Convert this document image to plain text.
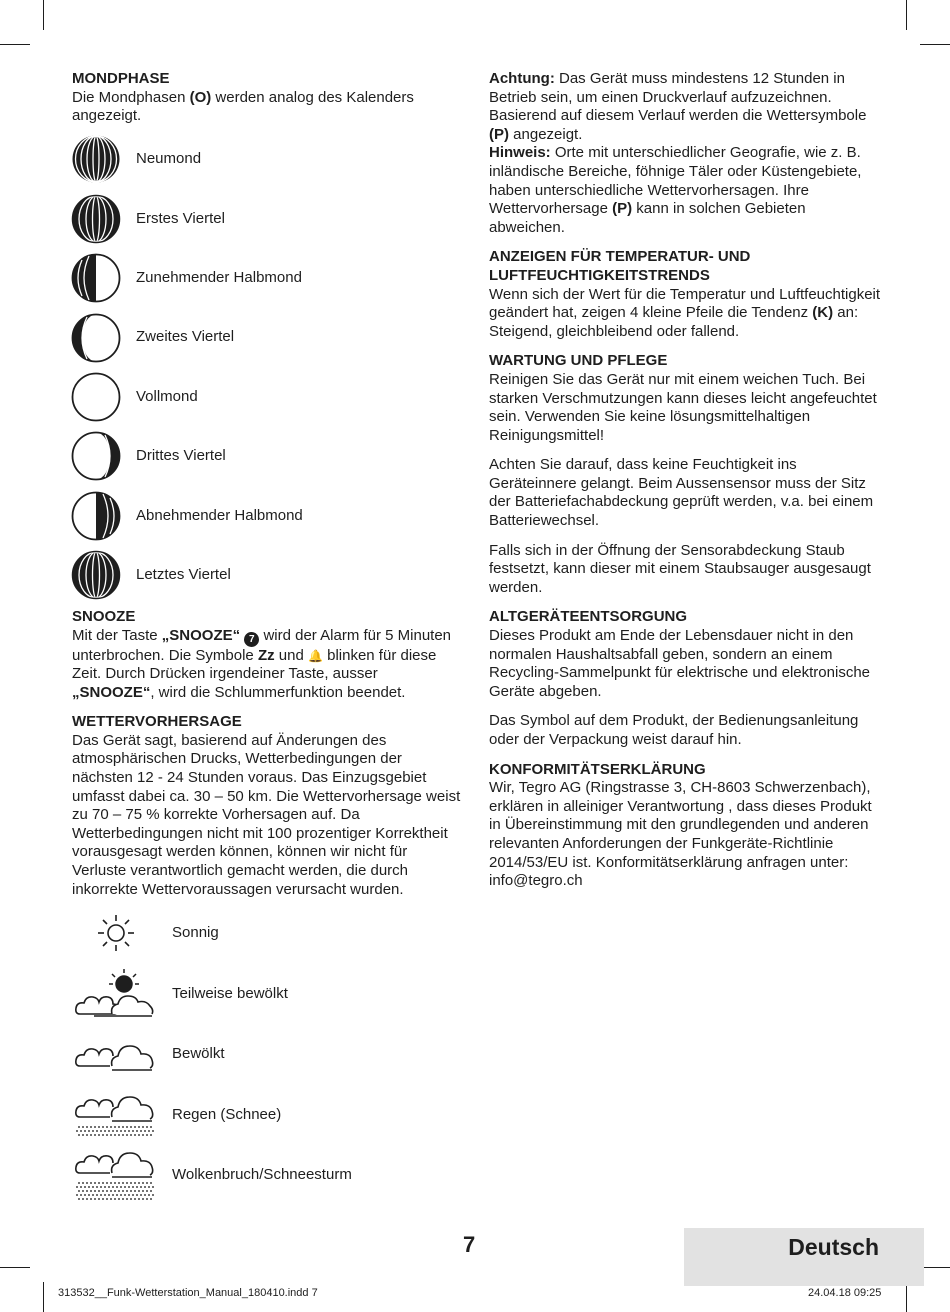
MONDPHASE

Die Mondphasen (O) werden analog des Kalenders angezeigt.

Neumond
Erstes Viertel
Zunehmender Halbmond
Zweites Viertel
Vollmond
Drittes Viertel
Abnehmender Halbmond
Letztes Viertel
SNOOZE

Mit der Taste „SNOOZE“ 7 wird der Alarm für 5 Minuten unterbrochen. Die Symbole Zz und 🔔 blinken für diese Zeit. Durch Drücken irgendeiner Taste, ausser „SNOOZE“, wird die Schlummerfunktion beendet.

WETTERVORHERSAGE

Das Gerät sagt, basierend auf Änderungen des atmosphärischen Drucks, Wetterbedingungen der nächsten 12 - 24 Stunden voraus. Das Einzugsgebiet umfasst dabei ca. 30 – 50 km. Die Wettervorhersage weist zu 70 – 75 % korrekte Vorhersagen auf. Da Wetterbedingungen nicht mit 100 prozentiger Korrektheit vorausgesagt werden können, können wir nicht für Verluste verantwortlich gemacht werden, die durch inkorrekte Wettervoraussagen verursacht wurden.

Sonnig
Teilweise bewölkt
Bewölkt
Regen (Schnee)
Wolkenbruch/Schneesturm

Achtung: Das Gerät muss mindestens 12 Stunden in Betrieb sein, um einen Druckverlauf aufzuzeichnen. Basierend auf diesem Verlauf werden die Wettersymbole (P) angezeigt.

Hinweis: Orte mit unterschiedlicher Geografie, wie z. B. inländische Bereiche, föhnige Täler oder Küstengebiete, haben unterschiedliche Wettervorhersagen. Ihre Wettervorhersage (P) kann in solchen Gebieten abweichen.

ANZEIGEN FÜR TEMPERATUR- UND LUFTFEUCHTIGKEITSTRENDS

Wenn sich der Wert für die Temperatur und Luftfeuchtigkeit geändert hat, zeigen 4 kleine Pfeile die Tendenz (K) an: Steigend, gleichbleibend oder fallend.

WARTUNG UND PFLEGE

Reinigen Sie das Gerät nur mit einem weichen Tuch. Bei starken Verschmutzungen kann dieses leicht angefeuchtet sein. Verwenden Sie keine lösungsmittelhaltigen Reinigungsmittel!

Achten Sie darauf, dass keine Feuchtigkeit ins Geräteinnere gelangt. Beim Aussensensor muss der Sitz der Batteriefachabdeckung geprüft werden, v.a. bei einem Batteriewechsel.

Falls sich in der Öffnung der Sensorabdeckung Staub festsetzt, kann dieser mit einem Staubsauger ausgesaugt werden.

ALTGERÄTEENTSORGUNG

Dieses Produkt am Ende der Lebensdauer nicht in den normalen Haushaltsabfall geben, sondern an einem Recycling-Sammelpunkt für elektrische und elektronische Geräte abgeben.

Das Symbol auf dem Produkt, der Bedienungsanleitung oder der Verpackung weist darauf hin.

KONFORMITÄTSERKLÄRUNG

Wir, Tegro AG (Ringstrasse 3, CH-8603 Schwerzenbach), erklären in alleiniger Verantwortung , dass dieses Produkt in Übereinstimmung mit den grundlegenden und anderen relevanten Anforderungen der Funkgeräte-Richtlinie 2014/53/EU ist. Konformitätserklärung anfragen unter: info@tegro.ch

7	Deutsch
313532__Funk-Wetterstation_Manual_180410.indd 7	24.04.18 09:25
